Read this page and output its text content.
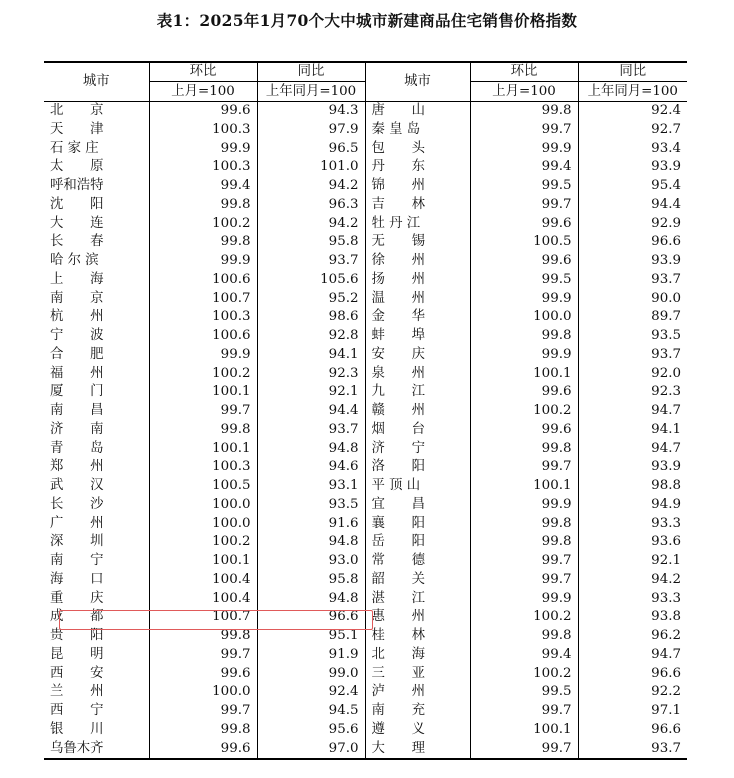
表1：2025年1月70个大中城市新建商品住宅销售价格指数
城市	环比	同比	城市	环比	同比
	上月=100	上年同月=100		上月=100	上年同月=100
北　　京	99.6	94.3	唐　　山	99.8	92.4
天　　津	100.3	97.9	秦 皇 岛	99.7	92.7
石 家 庄	99.9	96.5	包　　头	99.9	93.4
太　　原	100.3	101.0	丹　　东	99.4	93.9
呼和浩特	99.4	94.2	锦　　州	99.5	95.4
沈　　阳	99.8	96.3	吉　　林	99.7	94.4
大　　连	100.2	94.2	牡 丹 江	99.6	92.9
长　　春	99.8	95.8	无　　锡	100.5	96.6
哈 尔 滨	99.9	93.7	徐　　州	99.6	93.9
上　　海	100.6	105.6	扬　　州	99.5	93.7
南　　京	100.7	95.2	温　　州	99.9	90.0
杭　　州	100.3	98.6	金　　华	100.0	89.7
宁　　波	100.6	92.8	蚌　　埠	99.8	93.5
合　　肥	99.9	94.1	安　　庆	99.9	93.7
福　　州	100.2	92.3	泉　　州	100.1	92.0
厦　　门	100.1	92.1	九　　江	99.6	92.3
南　　昌	99.7	94.4	赣　　州	100.2	94.7
济　　南	99.8	93.7	烟　　台	99.6	94.1
青　　岛	100.1	94.8	济　　宁	99.8	94.7
郑　　州	100.3	94.6	洛　　阳	99.7	93.9
武　　汉	100.5	93.1	平 顶 山	100.1	98.8
长　　沙	100.0	93.5	宜　　昌	99.9	94.9
广　　州	100.0	91.6	襄　　阳	99.8	93.3
深　　圳	100.2	94.8	岳　　阳	99.8	93.6
南　　宁	100.1	93.0	常　　德	99.7	92.1
海　　口	100.4	95.8	韶　　关	99.7	94.2
重　　庆	100.4	94.8	湛　　江	99.9	93.3
成　　都	100.7	96.6	惠　　州	100.2	93.8
贵　　阳	99.8	95.1	桂　　林	99.8	96.2
昆　　明	99.7	91.9	北　　海	99.4	94.7
西　　安	99.6	99.0	三　　亚	100.2	96.6
兰　　州	100.0	92.4	泸　　州	99.5	92.2
西　　宁	99.7	94.5	南　　充	99.7	97.1
银　　川	99.8	95.6	遵　　义	100.1	96.6
乌鲁木齐	99.6	97.0	大　　理	99.7	93.7
